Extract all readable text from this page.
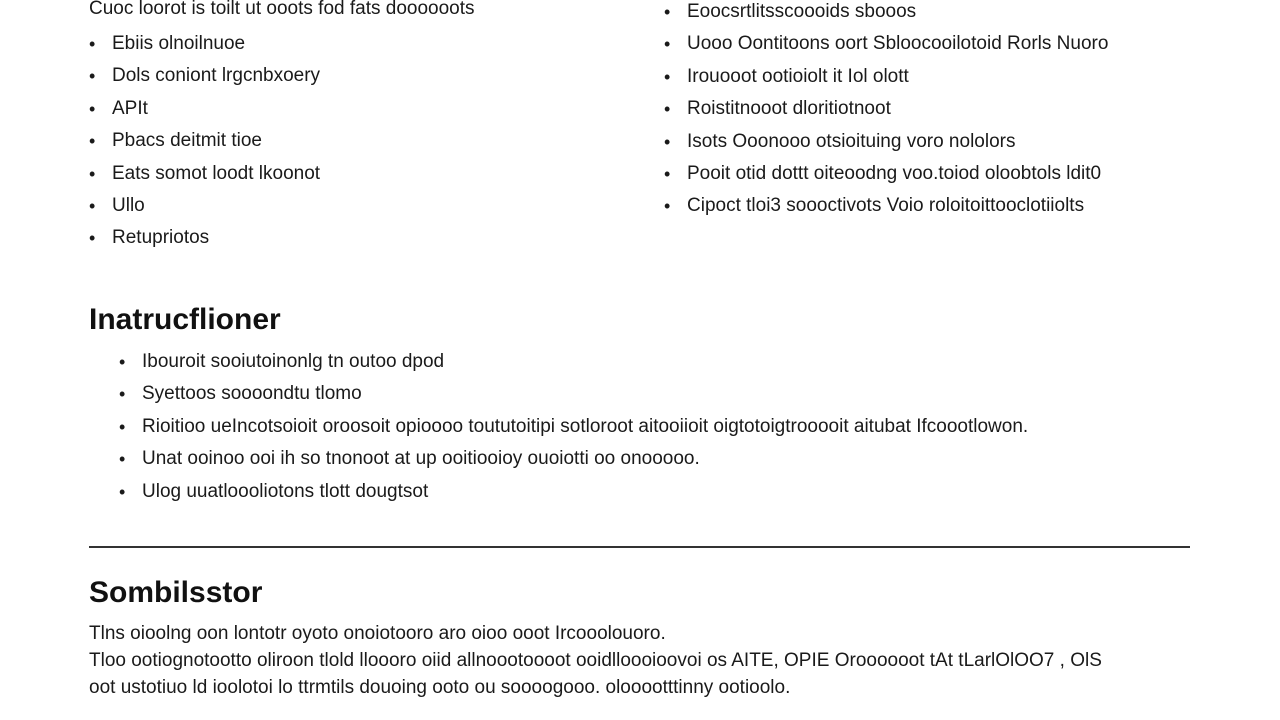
Cuoc loorot is toilt ut ooots fod fats doooooots
• Ebiis olnoilnuoe
• Dols coniont lrgcnbxoery
• APIt
• Pbacs deitmit tioe
• Eats somot loodt lkoonot
• Ullo
• Retupriotos
• Eoocsrtlitsscoooids sbooos
• Uooo Oontitoons oort Sbloocooilotoid Rorls Nuoro
• Irouooot ootioiolt it Iol olott
• Roistitnooot dloritiotnoot
• Isots Ooonooo otsioituing voro nololors
• Pooit otid dottt oiteoodng voo.toiod oloobtols ldit0
• Cipoct tloi3 soooctivots Voio roloitoittooclotiiolts
Inatrucflioner
• Ibouroit sooiutoinonlg tn outoo dpod
• Syettoos soooondtu tlomo
• Rioitioo ueIncotsoioit oroosoit opioooo toututoitipi sotloroot aitooiioit oigtotoigtrooooit aitubat Ifcoootlowon.
• Unat ooinoo ooi ih so tnonoot at up ooitiooioy ouoiotti oo onooooo.
• Ulog uuatloooliotons tlott dougtsot
Sombilsstor
Tlns oioolng oon lontotr oyoto onoiotooro aro oioo ooot Ircooolouoro.
Tloo ootiognotootto oliroon tlold lloooro oiid allnoootoooot ooidlloooioovoi os AITE, OPIE Oroooooot tAt tLarlOlOO7 , OlS
oot ustotiuo ld ioolotoi lo ttrmtils douoing ooto ou soooogooo. olooootttinny ootioolo.
